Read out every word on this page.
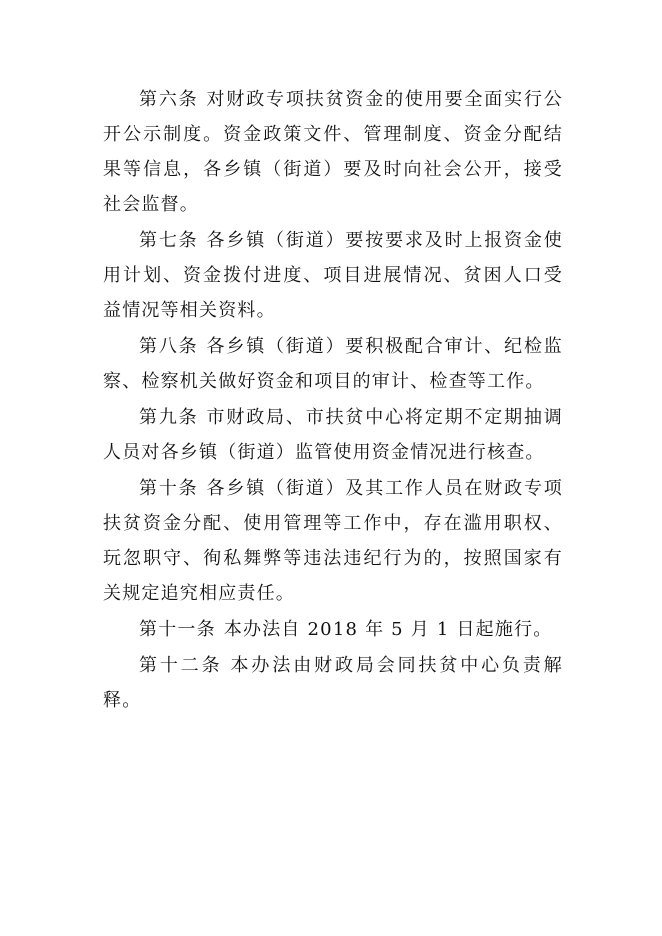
第六条 对财政专项扶贫资金的使用要全面实行公开公示制度。资金政策文件、管理制度、资金分配结果等信息，各乡镇（街道）要及时向社会公开，接受社会监督。

第七条 各乡镇（街道）要按要求及时上报资金使用计划、资金拨付进度、项目进展情况、贫困人口受益情况等相关资料。

第八条 各乡镇（街道）要积极配合审计、纪检监察、检察机关做好资金和项目的审计、检查等工作。

第九条 市财政局、市扶贫中心将定期不定期抽调人员对各乡镇（街道）监管使用资金情况进行核查。

第十条 各乡镇（街道）及其工作人员在财政专项扶贫资金分配、使用管理等工作中，存在滥用职权、玩忽职守、徇私舞弊等违法违纪行为的，按照国家有关规定追究相应责任。

第十一条 本办法自 2018 年 5 月 1 日起施行。

第十二条 本办法由财政局会同扶贫中心负责解释。
